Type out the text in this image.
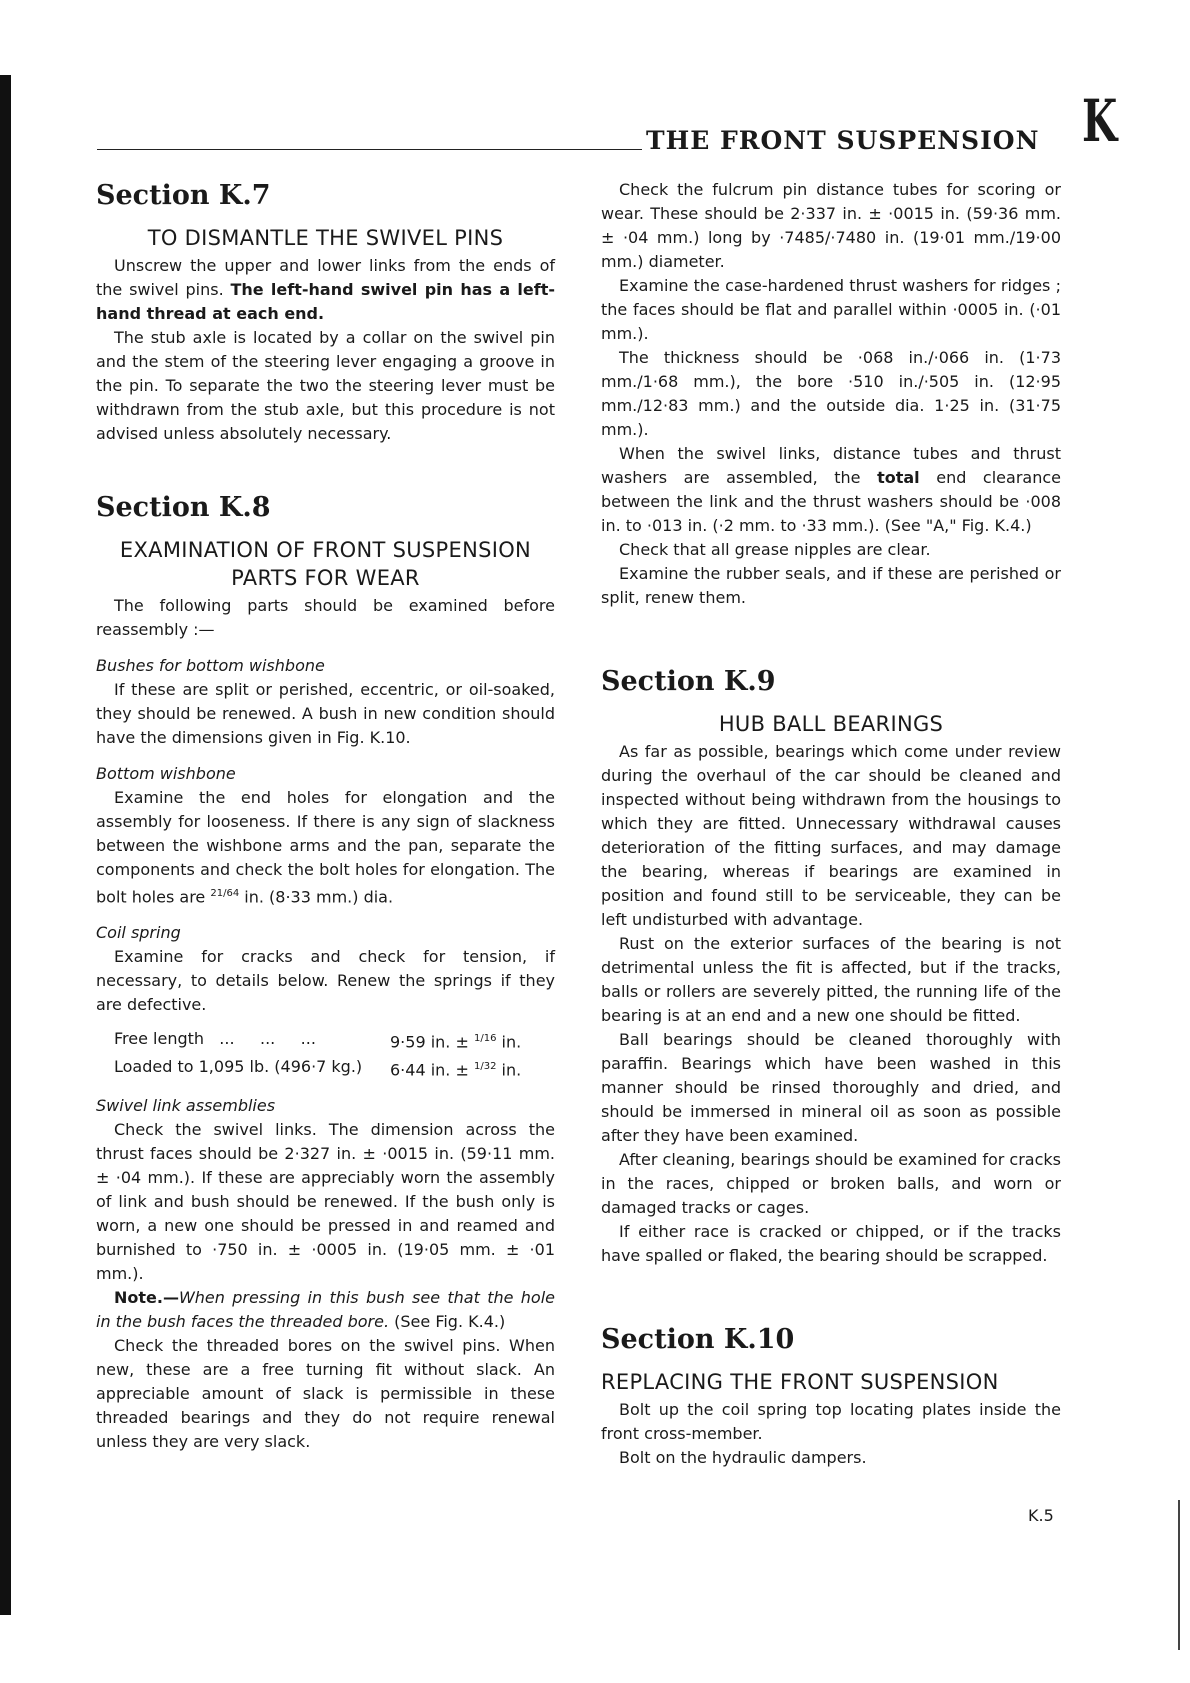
THE FRONT SUSPENSION K
Section K.7
TO DISMANTLE THE SWIVEL PINS

Unscrew the upper and lower links from the ends of the swivel pins. The left-hand swivel pin has a left-hand thread at each end.

The stub axle is located by a collar on the swivel pin and the stem of the steering lever engaging a groove in the pin. To separate the two the steering lever must be withdrawn from the stub axle, but this procedure is not advised unless absolutely necessary.

Section K.8
EXAMINATION OF FRONT SUSPENSION PARTS FOR WEAR

The following parts should be examined before reassembly :—

Bushes for bottom wishbone

If these are split or perished, eccentric, or oil-soaked, they should be renewed. A bush in new condition should have the dimensions given in Fig. K.10.

Bottom wishbone

Examine the end holes for elongation and the assembly for looseness. If there is any sign of slackness between the wishbone arms and the pan, separate the components and check the bolt holes for elongation. The bolt holes are $^{21/64}$ in. (8·33 mm.) dia.

Coil spring

Examine for cracks and check for tension, if necessary, to details below. Renew the springs if they are defective.

Free length   ...     ...     ...	9·59 in. ± $^{1/16}$ in.
Loaded to 1,095 lb. (496·7 kg.)	6·44 in. ± $^{1/32}$ in.

Swivel link assemblies

Check the swivel links. The dimension across the thrust faces should be 2·327 in. ± ·0015 in. (59·11 mm. ± ·04 mm.). If these are appreciably worn the assembly of link and bush should be renewed. If the bush only is worn, a new one should be pressed in and reamed and burnished to ·750 in. ± ·0005 in. (19·05 mm. ± ·01 mm.).

Note.—When pressing in this bush see that the hole in the bush faces the threaded bore. (See Fig. K.4.)

Check the threaded bores on the swivel pins. When new, these are a free turning fit without slack. An appreciable amount of slack is permissible in these threaded bearings and they do not require renewal unless they are very slack.

Check the fulcrum pin distance tubes for scoring or wear. These should be 2·337 in. ± ·0015 in. (59·36 mm. ± ·04 mm.) long by ·7485/·7480 in. (19·01 mm./19·00 mm.) diameter.

Examine the case-hardened thrust washers for ridges ; the faces should be flat and parallel within ·0005 in. (·01 mm.).

The thickness should be ·068 in./·066 in. (1·73 mm./1·68 mm.), the bore ·510 in./·505 in. (12·95 mm./12·83 mm.) and the outside dia. 1·25 in. (31·75 mm.).

When the swivel links, distance tubes and thrust washers are assembled, the total end clearance between the link and the thrust washers should be ·008 in. to ·013 in. (·2 mm. to ·33 mm.). (See "A," Fig. K.4.)

Check that all grease nipples are clear.

Examine the rubber seals, and if these are perished or split, renew them.

Section K.9
HUB BALL BEARINGS

As far as possible, bearings which come under review during the overhaul of the car should be cleaned and inspected without being withdrawn from the housings to which they are fitted. Unnecessary withdrawal causes deterioration of the fitting surfaces, and may damage the bearing, whereas if bearings are examined in position and found still to be serviceable, they can be left undisturbed with advantage.

Rust on the exterior surfaces of the bearing is not detrimental unless the fit is affected, but if the tracks, balls or rollers are severely pitted, the running life of the bearing is at an end and a new one should be fitted.

Ball bearings should be cleaned thoroughly with paraffin. Bearings which have been washed in this manner should be rinsed thoroughly and dried, and should be immersed in mineral oil as soon as possible after they have been examined.

After cleaning, bearings should be examined for cracks in the races, chipped or broken balls, and worn or damaged tracks or cages.

If either race is cracked or chipped, or if the tracks have spalled or flaked, the bearing should be scrapped.

Section K.10
REPLACING THE FRONT SUSPENSION

Bolt up the coil spring top locating plates inside the front cross-member.

Bolt on the hydraulic dampers.

K.5
